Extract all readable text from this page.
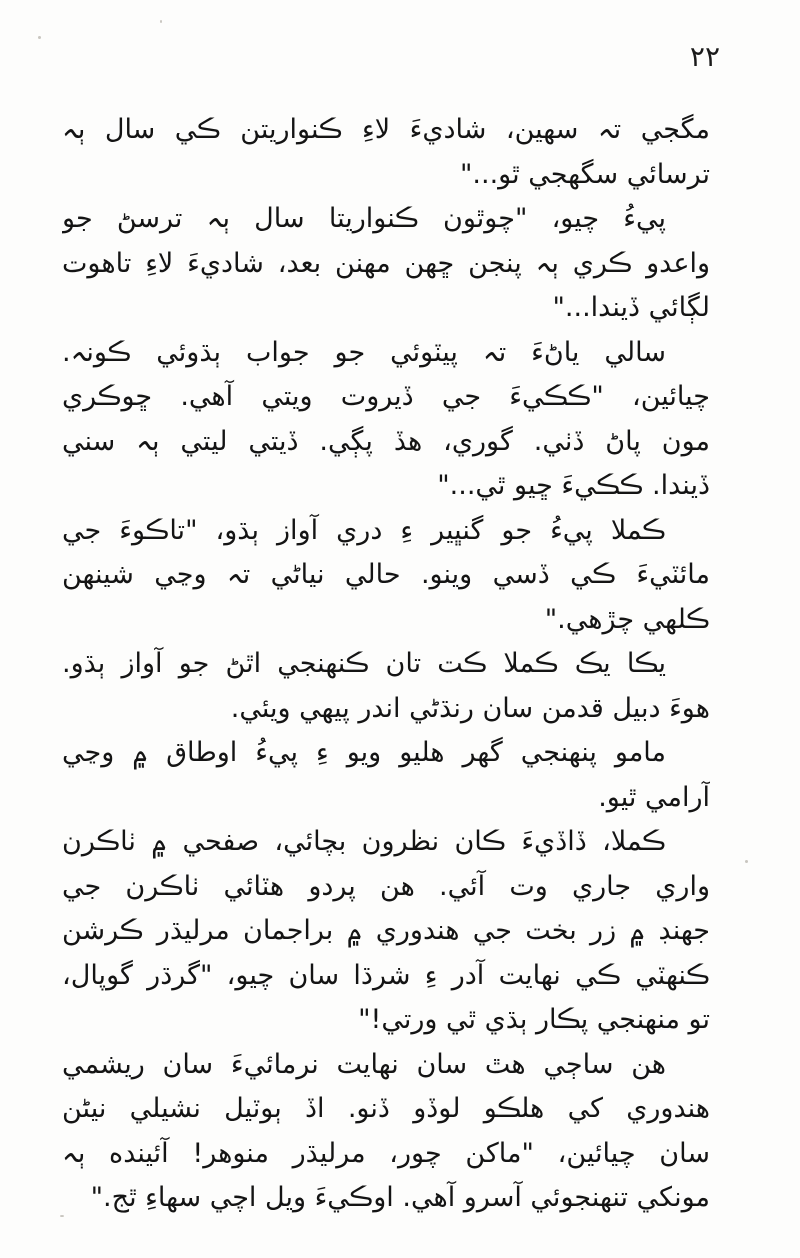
٢٢
مگجي تہ سهين، شاديءَ لاءِ ڪنواريتن ڪي سال ٻہ
ترسائي سگهجي ٿو..."
پيءُ چيو، "چوٿون ڪنواريتا سال ٻہ ترسڻ جو
واعدو ڪري ٻہ پنجن ڇهن مهنن بعد، شاديءَ لاءِ تاهوت
لڳائي ڏيندا..."
سالي ياڻءَ تہ پيٽوئي جو جواب ٻڌوئي ڪونہ.
چيائين، "ڪڪيءَ جي ڏيروت ويتي آهي. ڇوڪري
مون پاڻ ڏٺي. گوري، هڏ پڳي. ڏيتي ليتي ٻہ سني
ڏيندا. ڪڪيءَ ڇيو ٿي..."
ڪملا پيءُ جو گنڀير ءِ دري آواز ٻڌو، "تاڪوءَ جي
مائٽيءَ ڪي ڏسي وينو. حالي نياڻي تہ وڃي شينهن
ڪلهي چڙهي."
يڪا يڪ ڪملا ڪت تان ڪنهنجي اٿڻ جو آواز ٻڌو.
هوءَ دبيل قدمن سان رنڌڻي اندر پيهي ويئي.
مامو پنهنجي گهر هليو ويو ءِ پيءُ اوطاق ۾ وڃي
آرامي ٿيو.
ڪملا، ڏاڏيءَ ڪان نظرون بچائي، صفحي ۾ ٺاڪرن
واري جاري وت آئي. هن پردو هٽائي ٺاڪرن جي
جهنڊ ۾ زر بخت جي هندوري ۾ براجمان مرليڌر ڪرشن
ڪنهٽي ڪي نهايت آدر ءِ شرڌا سان چيو، "گرڌر گوپال،
تو منهنجي پڪار ٻڌي ٿي ورتي!"
هن ساڄي هٿ سان نهايت نرمائيءَ سان ريشمي
هندوري کي هلڪو لوڏو ڏنو. اڏ ٻوٽيل نشيلي نيڻن
سان چيائين، "ماکن چور، مرليڌر منوهر! آئينده ٻہ
مونکي تنهنجوئي آسرو آهي. اوڪيءَ ويل اچي سهاءِ ٿج."
